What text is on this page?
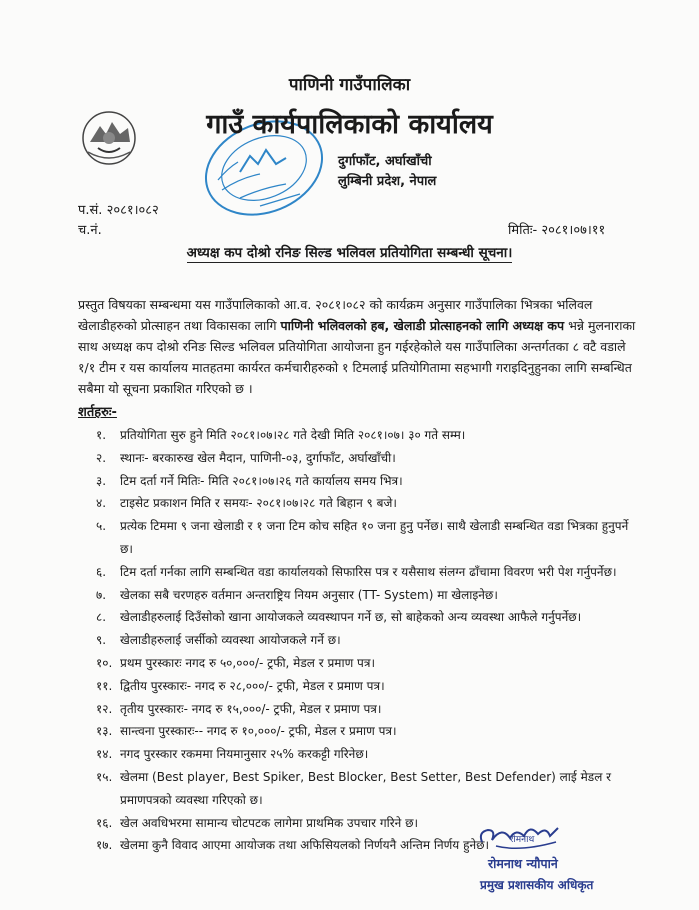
पाणिनी गाउँपालिका
गाउँ कार्यपालिकाको कार्यालय
दुर्गाफाँट, अर्घाखाँची
लुम्बिनी प्रदेश, नेपाल
प.सं. २०८१।०८२
च.नं.	मितिः- २०८१।०७।११
अध्यक्ष कप दोश्रो रनिङ सिल्ड भलिवल प्रतियोगिता सम्बन्धी सूचना।
प्रस्तुत विषयका सम्बन्धमा यस गाउँपालिकाको आ.व. २०८१।०८२ को कार्यक्रम अनुसार गाउँपालिका भित्रका भलिवल खेलाडीहरुको प्रोत्साहन तथा विकासका लागि पाणिनी भलिवलको हब, खेलाडी प्रोत्साहनको लागि अध्यक्ष कप भन्ने मुलनाराका साथ अध्यक्ष कप दोश्रो रनिङ सिल्ड भलिवल प्रतियोगिता आयोजना हुन गईरहेकोले यस गाउँपालिका अन्तर्गतका ८ वटै वडाले १/१ टीम र यस कार्यालय मातहतमा कार्यरत कर्मचारीहरुको १ टिमलाई प्रतियोगितामा सहभागी गराइदिनुहुनका लागि सम्बन्धित सबैमा यो सूचना प्रकाशित गरिएको छ ।
शर्तहरुः-
१.	प्रतियोगिता सुरु हुने मिति २०८१।०७।२८ गते देखी मिति २०८१।०७। ३० गते सम्म।
२.	स्थानः- बरकारुख खेल मैदान, पाणिनी-०३, दुर्गाफाँट, अर्घाखाँची।
३.	टिम दर्ता गर्ने मितिः- मिति २०८१।०७।२६ गते कार्यालय समय भित्र।
४.	टाइसेट प्रकाशन मिति र समयः- २०८१।०७।२८ गते बिहान ९ बजे।
५.	प्रत्येक टिममा ९ जना खेलाडी र १ जना टिम कोच सहित १० जना हुनु पर्नेछ। साथै खेलाडी सम्बन्धित वडा भित्रका हुनुपर्ने छ।
६.	टिम दर्ता गर्नका लागि सम्बन्धित वडा कार्यालयको सिफारिस पत्र र यसैसाथ संलग्न ढाँचामा विवरण भरी पेश गर्नुपर्नेछ।
७.	खेलका सबै चरणहरु वर्तमान अन्तराष्ट्रिय नियम अनुसार (TT- System) मा खेलाइनेछ।
८.	खेलाडीहरुलाई दिउँसोको खाना आयोजकले व्यवस्थापन गर्ने छ, सो बाहेकको अन्य व्यवस्था आफैले गर्नुपर्नेछ।
९.	खेलाडीहरुलाई जर्सीको व्यवस्था आयोजकले गर्ने छ।
१०. प्रथम पुरस्कारः नगद रु ५०,०००/- ट्रफी, मेडल र प्रमाण पत्र।
११. द्वितीय पुरस्कारः- नगद रु २८,०००/- ट्रफी, मेडल र प्रमाण पत्र।
१२. तृतीय पुरस्कारः- नगद रु १५,०००/- ट्रफी, मेडल र प्रमाण पत्र।
१३. सान्त्वना पुरस्कारः-- नगद रु १०,०००/- ट्रफी, मेडल र प्रमाण पत्र।
१४. नगद पुरस्कार रकममा नियमानुसार २५% करकट्टी गरिनेछ।
१५. खेलमा (Best player, Best Spiker, Best Blocker, Best Setter, Best Defender) लाई मेडल र प्रमाणपत्रको व्यवस्था गरिएको छ।
१६. खेल अवधिभरमा सामान्य चोटपटक लागेमा प्राथमिक उपचार गरिने छ।
१७. खेलमा कुनै विवाद आएमा आयोजक तथा अफिसियलको निर्णयनै अन्तिम निर्णय हुनेछ।	रोमनाथ
रोमनाथ न्यौपाने
प्रमुख प्रशासकीय अधिकृत
